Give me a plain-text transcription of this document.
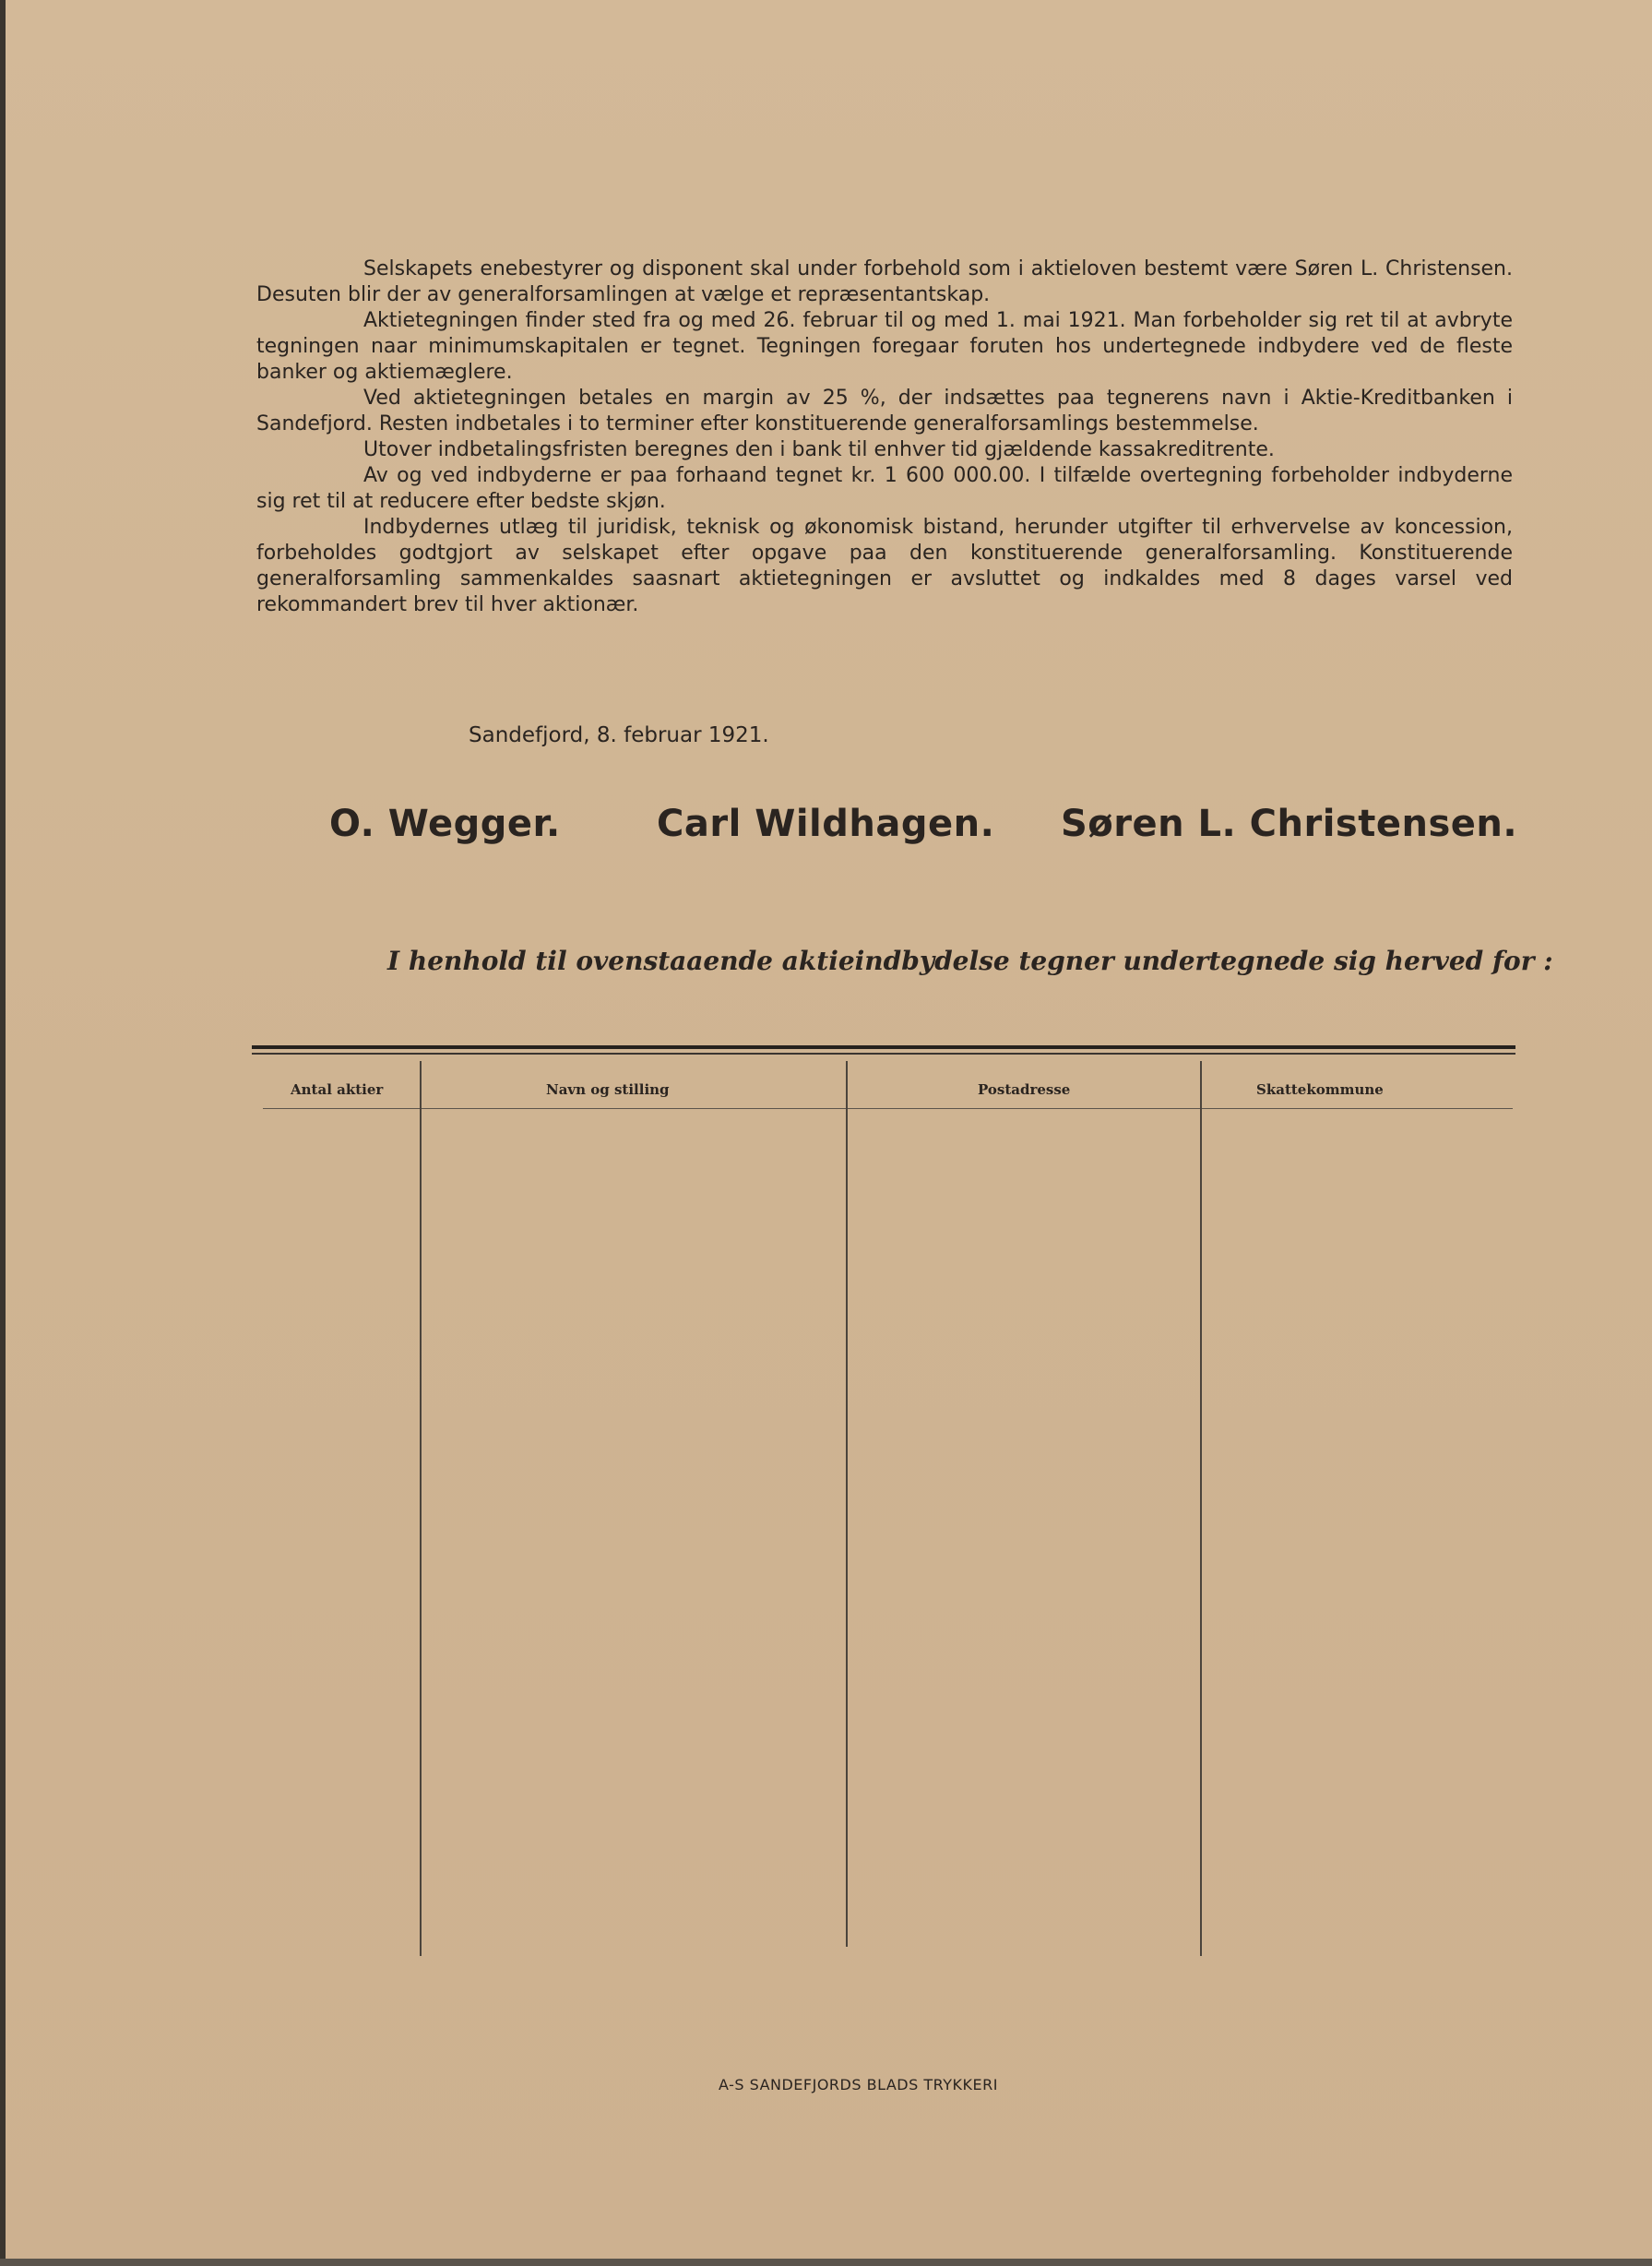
Selskapets enebestyrer og disponent skal under forbehold som i aktieloven bestemt være Søren L. Christensen. Desuten blir der av generalforsamlingen at vælge et repræsentantskap.

Aktietegningen finder sted fra og med 26. februar til og med 1. mai 1921. Man forbeholder sig ret til at avbryte tegningen naar minimumskapitalen er tegnet. Tegningen foregaar foruten hos undertegnede indbydere ved de fleste banker og aktiemæglere.

Ved aktietegningen betales en margin av 25 %, der indsættes paa tegnerens navn i Aktie-Kreditbanken i Sandefjord. Resten indbetales i to terminer efter konstituerende generalforsamlings bestemmelse.

Utover indbetalingsfristen beregnes den i bank til enhver tid gjældende kassakreditrente.

Av og ved indbyderne er paa forhaand tegnet kr. 1 600 000.00. I tilfælde overtegning forbeholder indbyderne sig ret til at reducere efter bedste skjøn.

Indbydernes utlæg til juridisk, teknisk og økonomisk bistand, herunder utgifter til erhvervelse av koncession, forbeholdes godtgjort av selskapet efter opgave paa den konstituerende generalforsamling. Konstituerende generalforsamling sammenkaldes saasnart aktietegningen er avsluttet og indkaldes med 8 dages varsel ved rekommandert brev til hver aktionær.

Sandefjord, 8. februar 1921.
O. Wegger.	Carl Wildhagen. Søren L. Christensen.
I henhold til ovenstaaende aktieindbydelse tegner undertegnede sig herved for :
Antal aktier	Navn og stilling	Postadresse	Skattekommune
A-S SANDEFJORDS BLADS TRYKKERI
